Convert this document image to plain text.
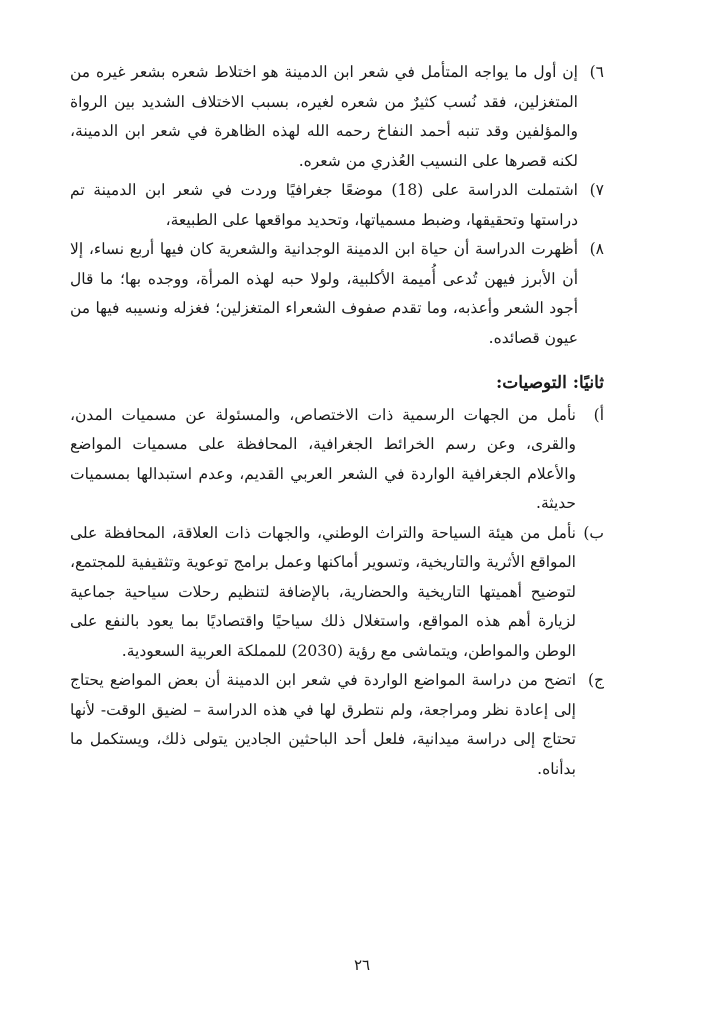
٦)
إن أول ما يواجه المتأمل في شعر ابن الدمينة هو اختلاط شعره بشعر غيره من المتغزلين، فقد نُسب كثيرٌ من شعره لغيره، بسبب الاختلاف الشديد بين الرواة والمؤلفين وقد تنبه أحمد النفاخ رحمه الله لهذه الظاهرة في شعر ابن الدمينة، لكنه قصرها على النسيب العُذري من شعره.
٧)
اشتملت الدراسة على (18) موضعًا جغرافيًا وردت في شعر ابن الدمينة تم دراستها وتحقيقها، وضبط مسمياتها، وتحديد مواقعها على الطبيعة،
٨)
أظهرت الدراسة أن حياة ابن الدمينة الوجدانية والشعرية كان فيها أربع نساء، إلا أن الأبرز فيهن تُدعى أُميمة الأكلبية، ولولا حبه لهذه المرأة، ووجده بها؛ ما قال أجود الشعر وأعذبه، وما تقدم صفوف الشعراء المتغزلين؛ فغزله ونسيبه فيها من عيون قصائده.
ثانيًا: التوصيات:
أ)
نأمل من الجهات الرسمية ذات الاختصاص، والمسئولة عن مسميات المدن، والقرى، وعن رسم الخرائط الجغرافية، المحافظة على مسميات المواضع والأعلام الجغرافية الواردة في الشعر العربي القديم، وعدم استبدالها بمسميات حديثة.
ب)
نأمل من هيئة السياحة والتراث الوطني، والجهات ذات العلاقة، المحافظة على المواقع الأثرية والتاريخية، وتسوير أماكنها وعمل برامج توعوية وتثقيفية للمجتمع، لتوضيح أهميتها التاريخية والحضارية، بالإضافة لتنظيم رحلات سياحية جماعية لزيارة أهم هذه المواقع، واستغلال ذلك سياحيًا واقتصاديًا بما يعود بالنفع على الوطن والمواطن، ويتماشى مع رؤية (2030) للمملكة العربية السعودية.
ج)
اتضح من دراسة المواضع الواردة في شعر ابن الدمينة أن بعض المواضع يحتاج إلى إعادة نظر ومراجعة، ولم نتطرق لها في هذه الدراسة – لضيق الوقت- لأنها تحتاج إلى دراسة ميدانية، فلعل أحد الباحثين الجادين يتولى ذلك، ويستكمل ما بدأناه.
٢٦
